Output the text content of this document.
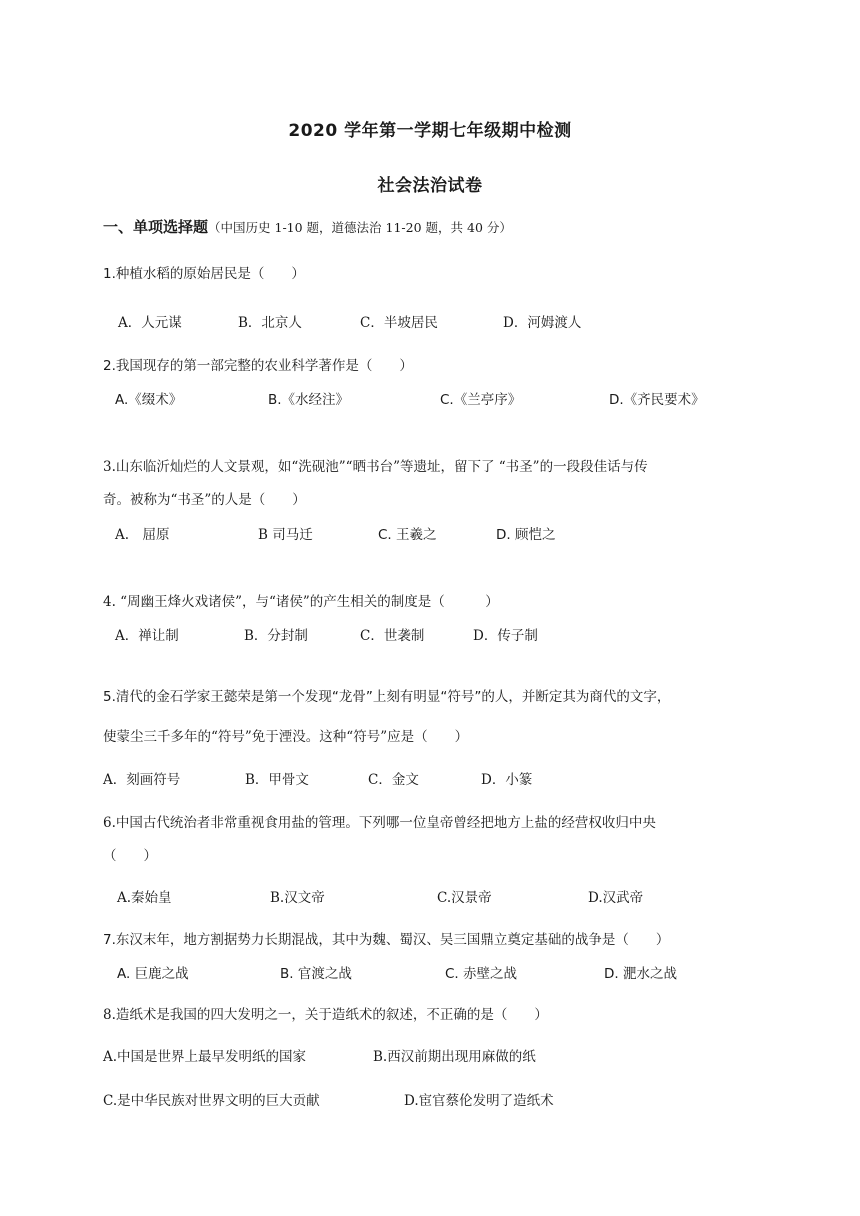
2020 学年第一学期七年级期中检测
社会法治试卷
一、单项选择题（中国历史 1-10 题，道德法治 11-20 题，共 40 分）
1.种植水稻的原始居民是（　　）
A．人元谋	B．北京人	C．半坡居民	D．河姆渡人
2.我国现存的第一部完整的农业科学著作是（　　）
A.《缀术》	B.《水经注》	C.《兰亭序》	D.《齐民要术》
3.山东临沂灿烂的人文景观，如“洗砚池”“晒书台”等遗址，留下了 “书圣”的一段段佳话与传
奇。被称为“书圣”的人是（　　）
A.　屈原	B 司马迁	C. 王羲之	D. 顾恺之
4. “周幽王烽火戏诸侯”，与“诸侯”的产生相关的制度是（　　　）
A．禅让制	B．分封制	C．世袭制	D．传子制
5.清代的金石学家王懿荣是第一个发现“龙骨”上刻有明显“符号”的人，并断定其为商代的文字，
使蒙尘三千多年的“符号”免于湮没。这种“符号”应是（　　）
A．刻画符号	B．甲骨文	C．金文	D．小篆
6.中国古代统治者非常重视食用盐的管理。下列哪一位皇帝曾经把地方上盐的经营权收归中央
（　　）
A.秦始皇	B.汉文帝	C.汉景帝	D.汉武帝
7.东汉末年，地方割据势力长期混战，其中为魏、蜀汉、吴三国鼎立奠定基础的战争是（　　）
A. 巨鹿之战	B. 官渡之战	C. 赤壁之战	D. 淝水之战
8.造纸术是我国的四大发明之一，关于造纸术的叙述，不正确的是（　　）
A.中国是世界上最早发明纸的国家	B.西汉前期出现用麻做的纸
C.是中华民族对世界文明的巨大贡献	D.宦官蔡伦发明了造纸术
